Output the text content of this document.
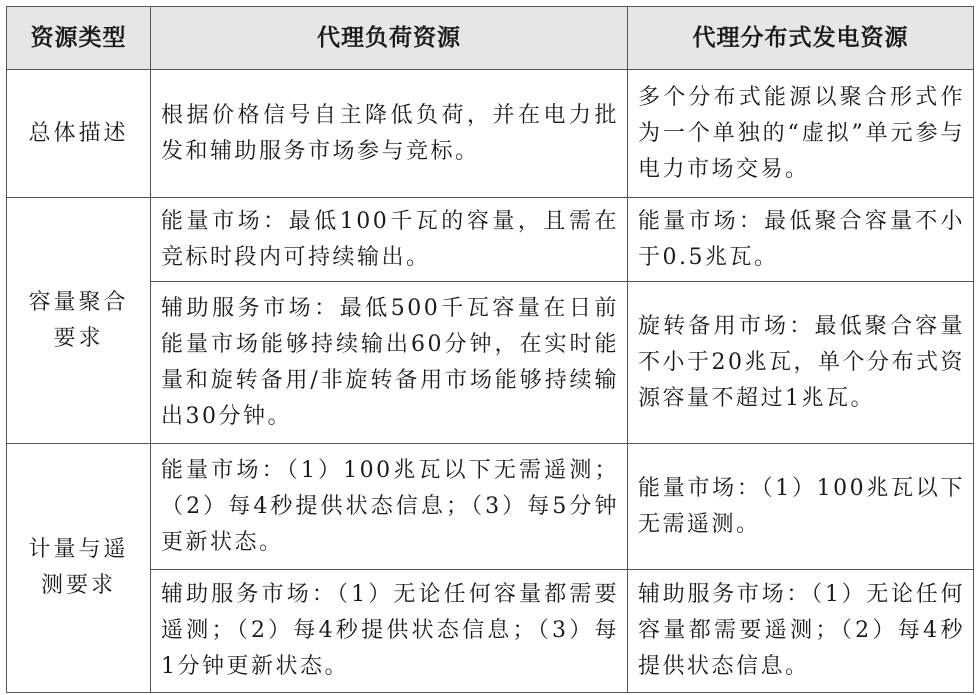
资源类型	代理负荷资源	代理分布式发电资源
总体描述	根据价格信号自主降低负荷，并在电力批发和辅助服务市场参与竞标。	多个分布式能源以聚合形式作为一个单独的“虚拟”单元参与电力市场交易。
容量聚合要求	能量市场：最低100千瓦的容量，且需在竞标时段内可持续输出。	能量市场：最低聚合容量不小于0.5兆瓦。
	辅助服务市场：最低500千瓦容量在日前能量市场能够持续输出60分钟，在实时能量和旋转备用/非旋转备用市场能够持续输出30分钟。	旋转备用市场：最低聚合容量不小于20兆瓦，单个分布式资源容量不超过1兆瓦。
计量与遥测要求	能量市场：（1）100兆瓦以下无需遥测；（2）每4秒提供状态信息；（3）每5分钟更新状态。	能量市场：（1）100兆瓦以下无需遥测。
	辅助服务市场：（1）无论任何容量都需要遥测；（2）每4秒提供状态信息；（3）每1分钟更新状态。	辅助服务市场：（1）无论任何容量都需要遥测；（2）每4秒提供状态信息。
